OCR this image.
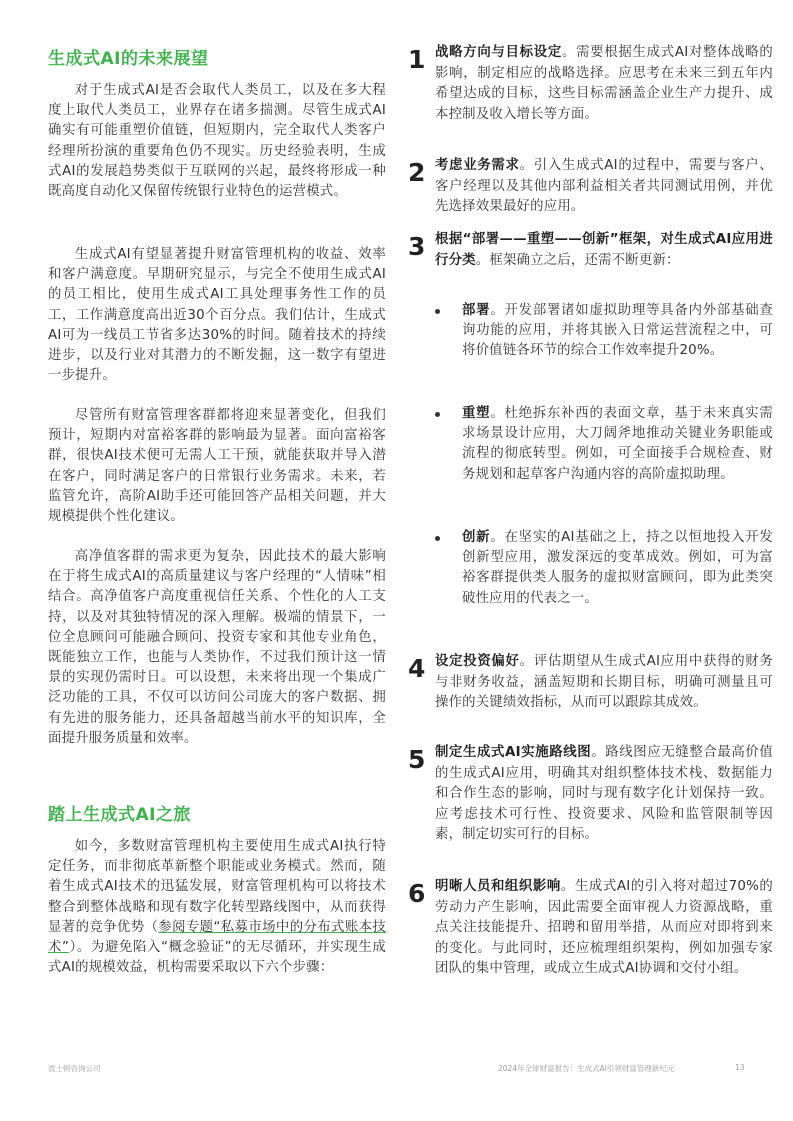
生成式AI的未来展望

对于生成式AI是否会取代人类员工，以及在多大程度上取代人类员工，业界存在诸多揣测。尽管生成式AI确实有可能重塑价值链，但短期内，完全取代人类客户经理所扮演的重要角色仍不现实。历史经验表明，生成式AI的发展趋势类似于互联网的兴起，最终将形成一种既高度自动化又保留传统银行业特色的运营模式。

生成式AI有望显著提升财富管理机构的收益、效率和客户满意度。早期研究显示，与完全不使用生成式AI的员工相比，使用生成式AI工具处理事务性工作的员工，工作满意度高出近30个百分点。我们估计，生成式AI可为一线员工节省多达30%的时间。随着技术的持续进步，以及行业对其潜力的不断发掘，这一数字有望进一步提升。

尽管所有财富管理客群都将迎来显著变化，但我们预计，短期内对富裕客群的影响最为显著。面向富裕客群，很快AI技术便可无需人工干预，就能获取并导入潜在客户，同时满足客户的日常银行业务需求。未来，若监管允许，高阶AI助手还可能回答产品相关问题，并大规模提供个性化建议。

高净值客群的需求更为复杂，因此技术的最大影响在于将生成式AI的高质量建议与客户经理的“人情味”相结合。高净值客户高度重视信任关系、个性化的人工支持，以及对其独特情况的深入理解。极端的情景下，一位全息顾问可能融合顾问、投资专家和其他专业角色，既能独立工作，也能与人类协作，不过我们预计这一情景的实现仍需时日。可以设想，未来将出现一个集成广泛功能的工具，不仅可以访问公司庞大的客户数据、拥有先进的服务能力，还具备超越当前水平的知识库，全面提升服务质量和效率。

踏上生成式AI之旅

如今，多数财富管理机构主要使用生成式AI执行特定任务，而非彻底革新整个职能或业务模式。然而，随着生成式AI技术的迅猛发展，财富管理机构可以将技术整合到整体战略和现有数字化转型路线图中，从而获得显著的竞争优势（参阅专题“私募市场中的分布式账本技术”）。为避免陷入“概念验证”的无尽循环，并实现生成式AI的规模效益，机构需要采取以下六个步骤：

1 战略方向与目标设定。需要根据生成式AI对整体战略的影响，制定相应的战略选择。应思考在未来三到五年内希望达成的目标，这些目标需涵盖企业生产力提升、成本控制及收入增长等方面。
2 考虑业务需求。引入生成式AI的过程中，需要与客户、客户经理以及其他内部利益相关者共同测试用例，并优先选择效果最好的应用。
3 根据“部署——重塑——创新”框架，对生成式AI应用进行分类。框架确立之后，还需不断更新：
部署。开发部署诸如虚拟助理等具备内外部基础查询功能的应用，并将其嵌入日常运营流程之中，可将价值链各环节的综合工作效率提升20%。
重塑。杜绝拆东补西的表面文章，基于未来真实需求场景设计应用，大刀阔斧地推动关键业务职能或流程的彻底转型。例如，可全面接手合规检查、财务规划和起草客户沟通内容的高阶虚拟助理。
创新。在坚实的AI基础之上，持之以恒地投入开发创新型应用，激发深远的变革成效。例如，可为富裕客群提供类人服务的虚拟财富顾问，即为此类突破性应用的代表之一。
4 设定投资偏好。评估期望从生成式AI应用中获得的财务与非财务收益，涵盖短期和长期目标，明确可测量且可操作的关键绩效指标，从而可以跟踪其成效。
5 制定生成式AI实施路线图。路线图应无缝整合最高价值的生成式AI应用，明确其对组织整体技术栈、数据能力和合作生态的影响，同时与现有数字化计划保持一致。应考虑技术可行性、投资要求、风险和监管限制等因素，制定切实可行的目标。
6 明晰人员和组织影响。生成式AI的引入将对超过70%的劳动力产生影响，因此需要全面审视人力资源战略，重点关注技能提升、招聘和留用举措，从而应对即将到来的变化。与此同时，还应梳理组织架构，例如加强专家团队的集中管理，或成立生成式AI协调和交付小组。
波士顿咨询公司	2024年全球财富报告：生成式AI引领财富管理新纪元	13
